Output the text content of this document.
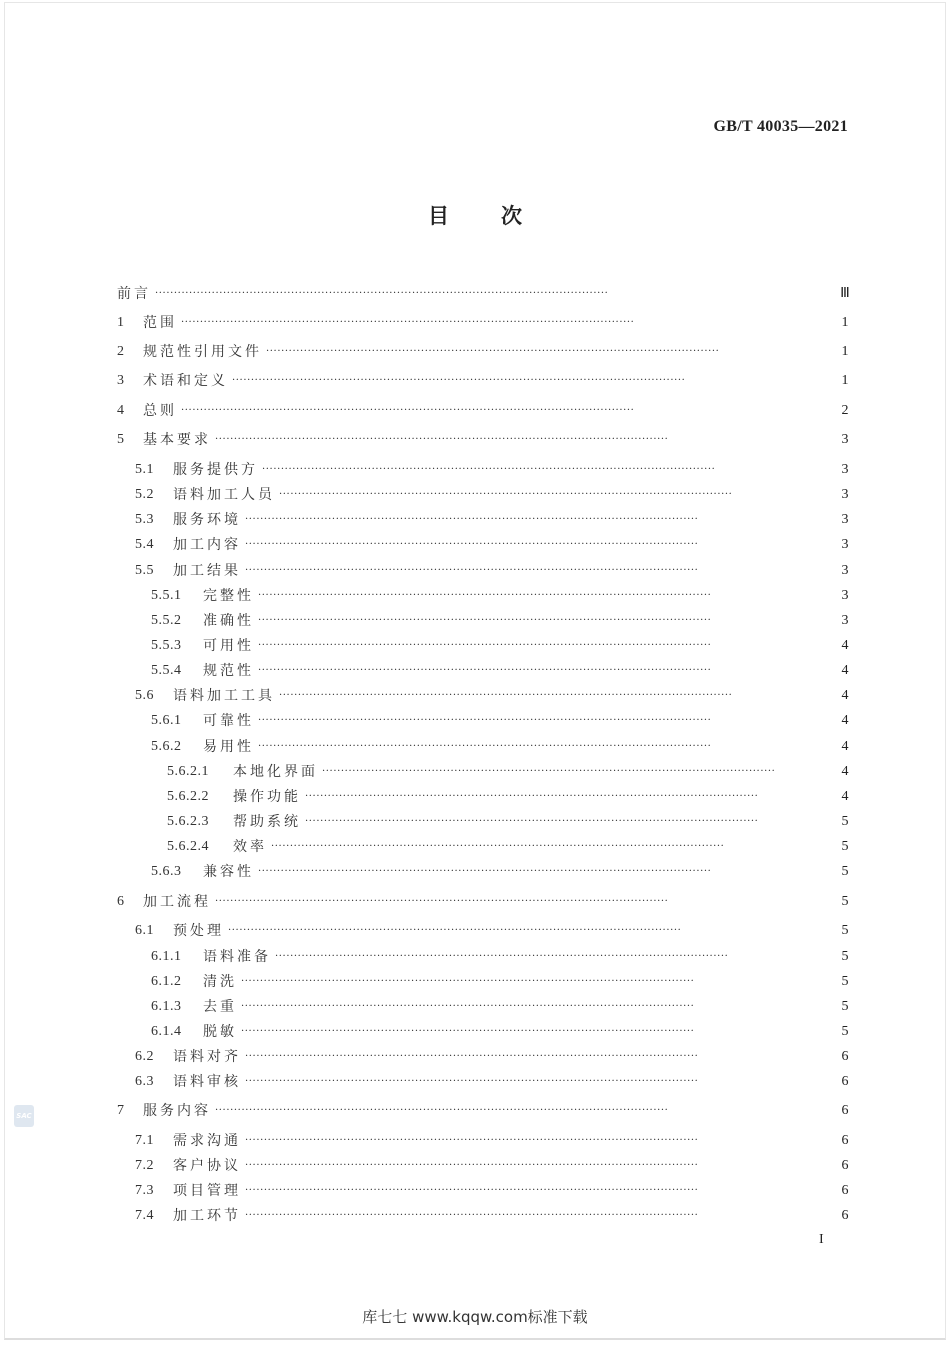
GB/T 40035—2021
目 次
前言 ························································································································	Ⅲ
1	范围 ························································································································	1
2	规范性引用文件 ························································································································	1
3	术语和定义 ························································································································	1
4	总则 ························································································································	2
5	基本要求 ························································································································	3
5.1	服务提供方 ························································································································	3
5.2	语料加工人员 ························································································································	3
5.3	服务环境 ························································································································	3
5.4	加工内容 ························································································································	3
5.5	加工结果 ························································································································	3
5.5.1	完整性 ························································································································	3
5.5.2	准确性 ························································································································	3
5.5.3	可用性 ························································································································	4
5.5.4	规范性 ························································································································	4
5.6	语料加工工具 ························································································································	4
5.6.1	可靠性 ························································································································	4
5.6.2	易用性 ························································································································	4
5.6.2.1	本地化界面 ························································································································	4
5.6.2.2	操作功能 ························································································································	4
5.6.2.3	帮助系统 ························································································································	5
5.6.2.4	效率 ························································································································	5
5.6.3	兼容性 ························································································································	5
6	加工流程 ························································································································	5
6.1	预处理 ························································································································	5
6.1.1	语料准备 ························································································································	5
6.1.2	清洗 ························································································································	5
6.1.3	去重 ························································································································	5
6.1.4	脱敏 ························································································································	5
6.2	语料对齐 ························································································································	6
6.3	语料审核 ························································································································	6
7	服务内容 ························································································································	6
7.1	需求沟通 ························································································································	6
7.2	客户协议 ························································································································	6
7.3	项目管理 ························································································································	6
7.4	加工环节 ························································································································	6
SAC
I
库七七 www.kqqw.com标准下载
